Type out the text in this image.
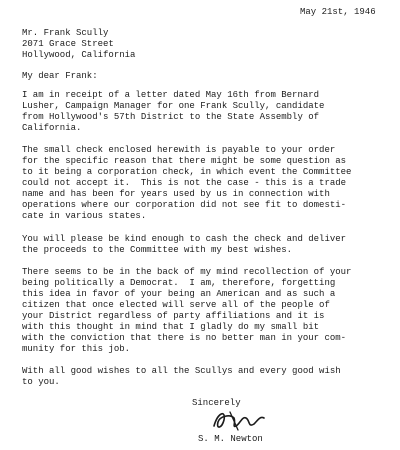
May 21st, 1946
Mr. Frank Scully
2071 Grace Street
Hollywood, California
My dear Frank:
I am in receipt of a letter dated May 16th from Bernard
Lusher, Campaign Manager for one Frank Scully, candidate
from Hollywood's 57th District to the State Assembly of
California.
The small check enclosed herewith is payable to your order
for the specific reason that there might be some question as
to it being a corporation check, in which event the Committee
could not accept it.  This is not the case - this is a trade
name and has been for years used by us in connection with
operations where our corporation did not see fit to domesti-
cate in various states.
You will please be kind enough to cash the check and deliver
the proceeds to the Committee with my best wishes.
There seems to be in the back of my mind recollection of your
being politically a Democrat.  I am, therefore, forgetting
this idea in favor of your being an American and as such a
citizen that once elected will serve all of the people of
your District regardless of party affiliations and it is
with this thought in mind that I gladly do my small bit
with the conviction that there is no better man in your com-
munity for this job.
With all good wishes to all the Scullys and every good wish
to you.
Sincerely
S. M. Newton
